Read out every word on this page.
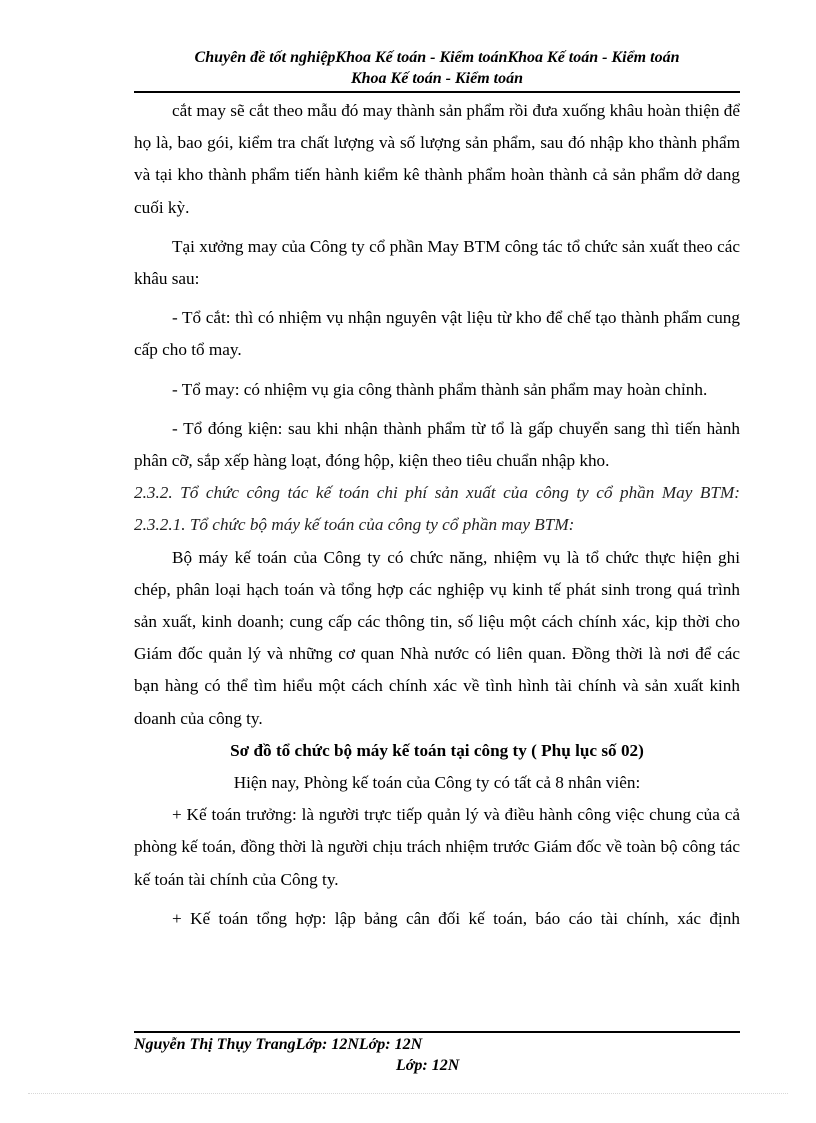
Chuyên đề tốt nghiệpKhoa Kế toán - Kiểm toánKhoa Kế toán - Kiểm toán
Khoa Kế toán - Kiểm toán

cắt may sẽ cắt theo mẫu đó may thành sản phẩm rồi đưa xuống khâu hoàn thiện để họ là, bao gói, kiểm tra chất lượng và số lượng sản phẩm, sau đó nhập kho thành phẩm và tại kho thành phẩm tiến hành kiểm kê thành phẩm hoàn thành cả sản phẩm dở dang cuối kỳ.

Tại xưởng may của Công ty cổ phần May BTM công tác tổ chức sản xuất theo các khâu sau:

- Tổ cắt: thì có nhiệm vụ nhận nguyên vật liệu từ kho để chế tạo thành phẩm cung cấp cho tổ may.

- Tổ may: có nhiệm vụ gia công thành phẩm thành sản phẩm may hoàn chỉnh.

- Tổ đóng kiện: sau khi nhận thành phẩm từ tổ là gấp chuyển sang thì tiến hành phân cỡ, sắp xếp hàng loạt, đóng hộp, kiện theo tiêu chuẩn nhập kho.

2.3.2. Tổ chức công tác kế toán chi phí sản xuất của công ty cổ phần May BTM:

2.3.2.1. Tổ chức bộ máy kế toán của công ty cổ phần may BTM:

Bộ máy kế toán của Công ty có chức năng, nhiệm vụ là tổ chức thực hiện ghi chép, phân loại hạch toán và tổng hợp các nghiệp vụ kinh tế phát sinh trong quá trình sản xuất, kinh doanh; cung cấp các thông tin, số liệu một cách chính xác, kịp thời cho Giám đốc quản lý và những cơ quan Nhà nước có liên quan. Đồng thời là nơi để các bạn hàng có thể tìm hiểu một cách chính xác về tình hình tài chính và sản xuất kinh doanh của công ty.

Sơ đồ tổ chức bộ máy kế toán tại công ty ( Phụ lục số 02)

Hiện nay, Phòng kế toán của Công ty có tất cả 8 nhân viên:

+ Kế toán trưởng: là người trực tiếp quản lý và điều hành công việc chung của cả phòng kế toán, đồng thời là người chịu trách nhiệm trước Giám đốc về toàn bộ công tác kế toán tài chính của Công ty.

+ Kế toán tổng hợp: lập bảng cân đối kế toán, báo cáo tài chính, xác định

Nguyễn Thị Thụy TrangLớp: 12NLớp: 12N
Lớp: 12N
